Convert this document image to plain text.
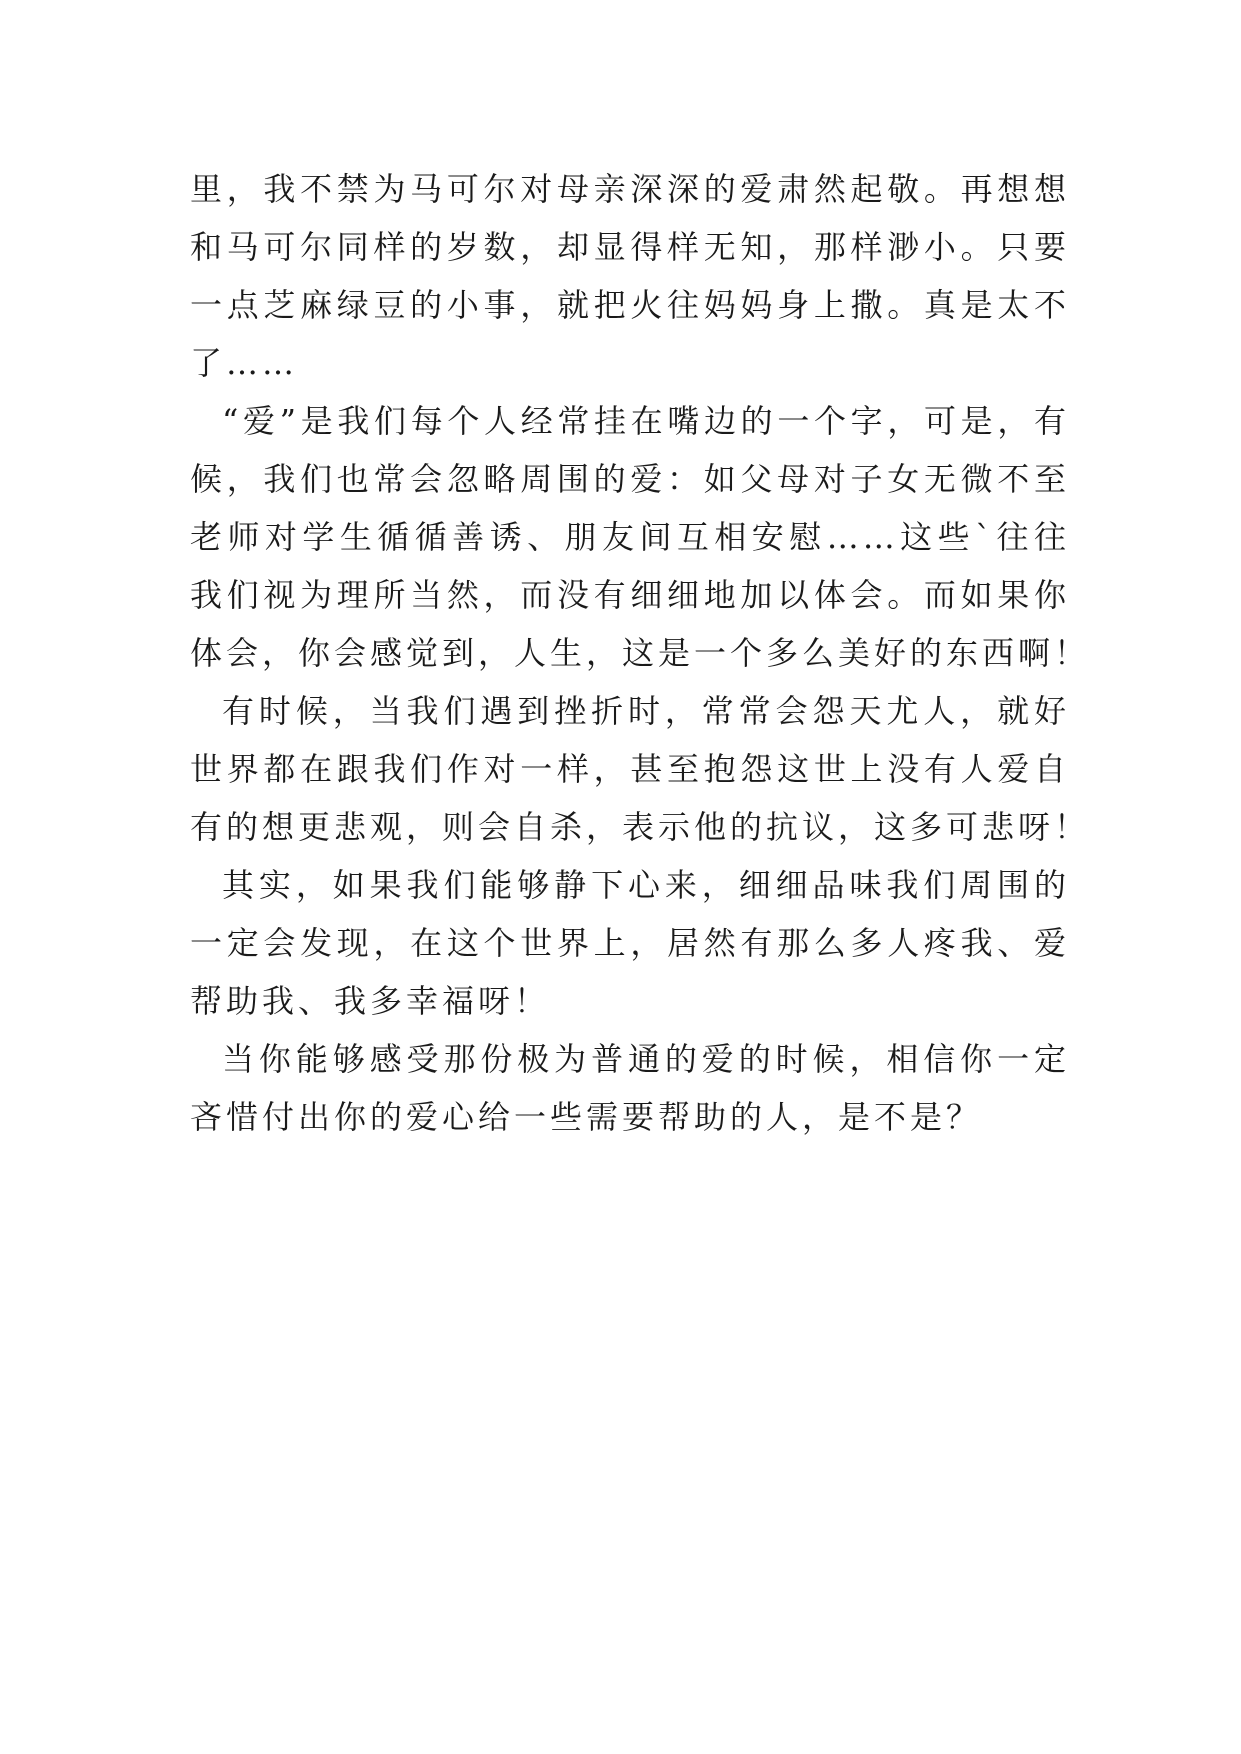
里，我不禁为马可尔对母亲深深的爱肃然起敬。再想想
和马可尔同样的岁数，却显得样无知，那样渺小。只要
一点芝麻绿豆的小事，就把火往妈妈身上撒。真是太不
了……
“爱”是我们每个人经常挂在嘴边的一个字，可是，有
候，我们也常会忽略周围的爱：如父母对子女无微不至
老师对学生循循善诱、朋友间互相安慰……这些`往往
我们视为理所当然，而没有细细地加以体会。而如果你
体会，你会感觉到，人生，这是一个多么美好的东西啊！
有时候，当我们遇到挫折时，常常会怨天尤人，就好
世界都在跟我们作对一样，甚至抱怨这世上没有人爱自
有的想更悲观，则会自杀，表示他的抗议，这多可悲呀！
其实，如果我们能够静下心来，细细品味我们周围的
一定会发现，在这个世界上，居然有那么多人疼我、爱
帮助我、我多幸福呀！
当你能够感受那份极为普通的爱的时候，相信你一定
吝惜付出你的爱心给一些需要帮助的人，是不是？
